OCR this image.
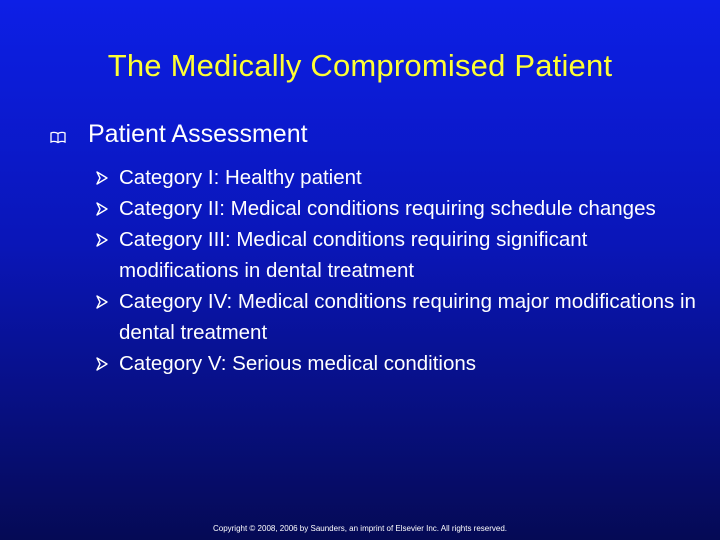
The Medically Compromised Patient
Patient Assessment
Category I: Healthy patient
Category II: Medical conditions requiring schedule changes
Category III: Medical conditions requiring significant modifications in dental treatment
Category IV: Medical conditions requiring major modifications in dental treatment
Category V: Serious medical conditions
Copyright © 2008, 2006 by Saunders, an imprint of Elsevier Inc. All rights reserved.
